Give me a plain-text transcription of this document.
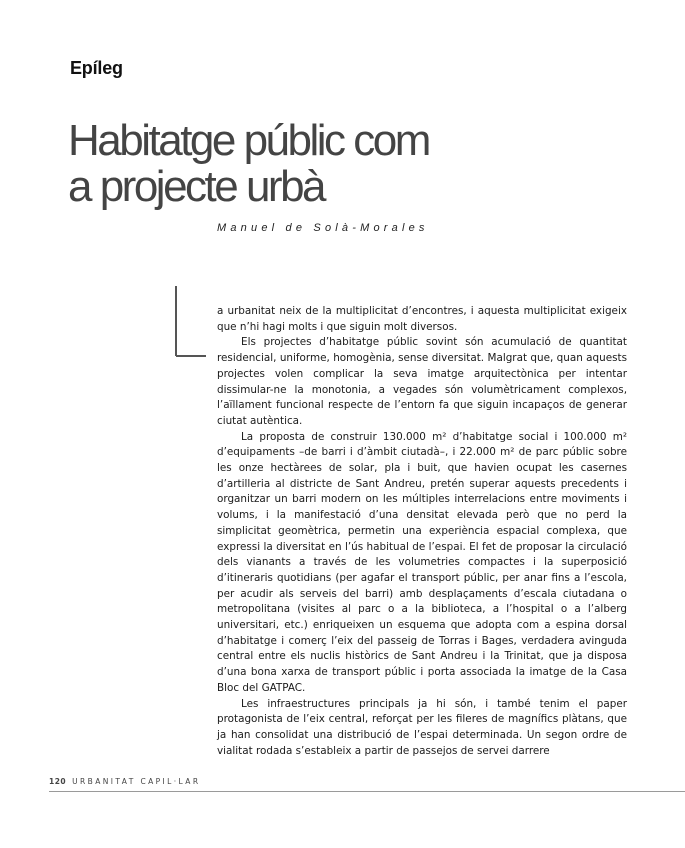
Epíleg
Habitatge públic com
a projecte urbà
Manuel de Solà-Morales

a urbanitat neix de la multiplicitat d’encontres, i aquesta multiplicitat exigeix que n’hi hagi molts i que siguin molt diversos.

Els projectes d’habitatge públic sovint són acumulació de quantitat residencial, uniforme, homogènia, sense diversitat. Malgrat que, quan aquests projectes volen complicar la seva imatge arquitectònica per intentar dissimular-ne la monotonia, a vegades són volumètricament complexos, l’aïllament funcional respecte de l’entorn fa que siguin incapaços de generar ciutat autèntica.

La proposta de construir 130.000 m² d’habitatge social i 100.000 m² d’equipaments –de barri i d’àmbit ciutadà–, i 22.000 m² de parc públic sobre les onze hectàrees de solar, pla i buit, que havien ocupat les casernes d’artilleria al districte de Sant Andreu, pretén superar aquests precedents i organitzar un barri modern on les múltiples interrelacions entre moviments i volums, i la manifestació d’una densitat elevada però que no perd la simplicitat geomètrica, permetin una experiència espacial complexa, que expressi la diversitat en l’ús habitual de l’espai. El fet de proposar la circulació dels vianants a través de les volumetries compactes i la superposició d’itineraris quotidians (per agafar el transport públic, per anar fins a l’escola, per acudir als serveis del barri) amb desplaçaments d’escala ciutadana o metropolitana (visites al parc o a la biblioteca, a l’hospital o a l’alberg universitari, etc.) enriqueixen un esquema que adopta com a espina dorsal d’habitatge i comerç l’eix del passeig de Torras i Bages, verdadera avinguda central entre els nuclis històrics de Sant Andreu i la Trinitat, que ja disposa d’una bona xarxa de transport públic i porta associada la imatge de la Casa Bloc del GATPAC.

Les infraestructures principals ja hi són, i també tenim el paper protagonista de l’eix central, reforçat per les fileres de magnífics plàtans, que ja han consolidat una distribució de l’espai determinada. Un segon ordre de vialitat rodada s’estableix a partir de passejos de servei darrere

120 URBANITAT CAPIL·LAR
